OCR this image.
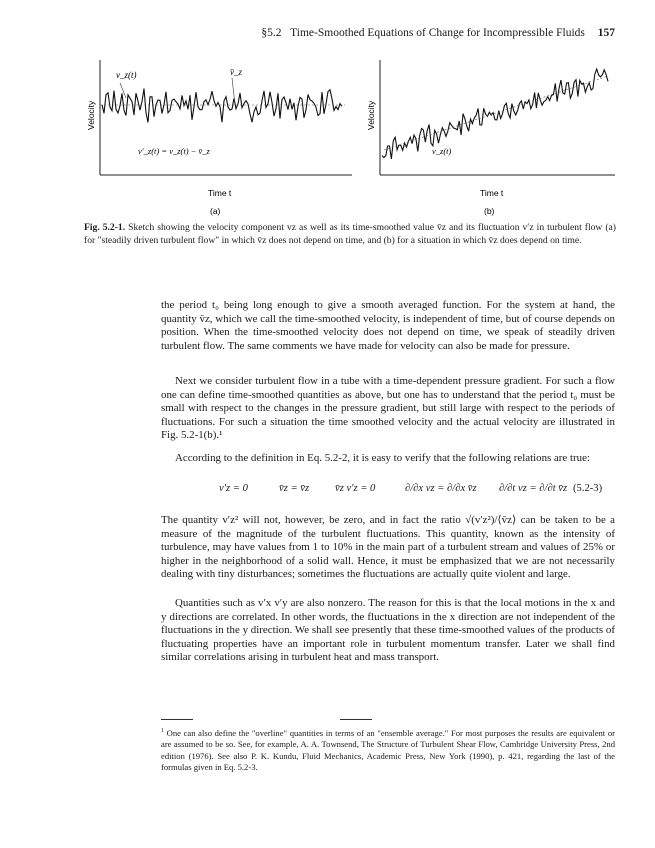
§5.2 Time-Smoothed Equations of Change for Incompressible Fluids 157
v_z(t)	v̄_z
v′_z(t) = v_z(t) − v̄_z
Velocity
Time t
(a)
v_z(t)
Velocity
Time t
(b)
Fig. 5.2-1. Sketch showing the velocity component vz as well as its time-smoothed value v̄z and its fluctuation v′z in turbulent flow (a) for "steadily driven turbulent flow" in which v̄z does not depend on time, and (b) for a situation in which v̄z does depend on time.

the period t₀ being long enough to give a smooth averaged function. For the system at hand, the quantity v̄z, which we call the time-smoothed velocity, is independent of time, but of course depends on position. When the time-smoothed velocity does not depend on time, we speak of steadily driven turbulent flow. The same comments we have made for velocity can also be made for pressure.

Next we consider turbulent flow in a tube with a time-dependent pressure gradient. For such a flow one can define time-smoothed quantities as above, but one has to understand that the period t₀ must be small with respect to the changes in the pressure gradient, but still large with respect to the periods of fluctuations. For such a situation the time smoothed velocity and the actual velocity are illustrated in Fig. 5.2-1(b).¹

According to the definition in Eq. 5.2-2, it is easy to verify that the following relations are true:

v′z = 0	v̄z = v̄z v̄z v′z = 0	∂/∂x vz = ∂/∂x v̄z ∂/∂t vz = ∂/∂t v̄z (5.2-3)

The quantity v′z² will not, however, be zero, and in fact the ratio √(v′z²)/⟨v̄z⟩ can be taken to be a measure of the magnitude of the turbulent fluctuations. This quantity, known as the intensity of turbulence, may have values from 1 to 10% in the main part of a turbulent stream and values of 25% or higher in the neighborhood of a solid wall. Hence, it must be emphasized that we are not necessarily dealing with tiny disturbances; sometimes the fluctuations are actually quite violent and large.

Quantities such as v′x v′y are also nonzero. The reason for this is that the local motions in the x and y directions are correlated. In other words, the fluctuations in the x direction are not independent of the fluctuations in the y direction. We shall see presently that these time-smoothed values of the products of fluctuating properties have an important role in turbulent momentum transfer. Later we shall find similar correlations arising in turbulent heat and mass transport.

$^1$ One can also define the "overline" quantities in terms of an "ensemble average." For most purposes the results are equivalent or are assumed to be so. See, for example, A. A. Townsend, The Structure of Turbulent Shear Flow, Cambridge University Press, 2nd edition (1976). See also P. K. Kundu, Fluid Mechanics, Academic Press, New York (1990), p. 421, regarding the last of the formulas given in Eq. 5.2-3.
